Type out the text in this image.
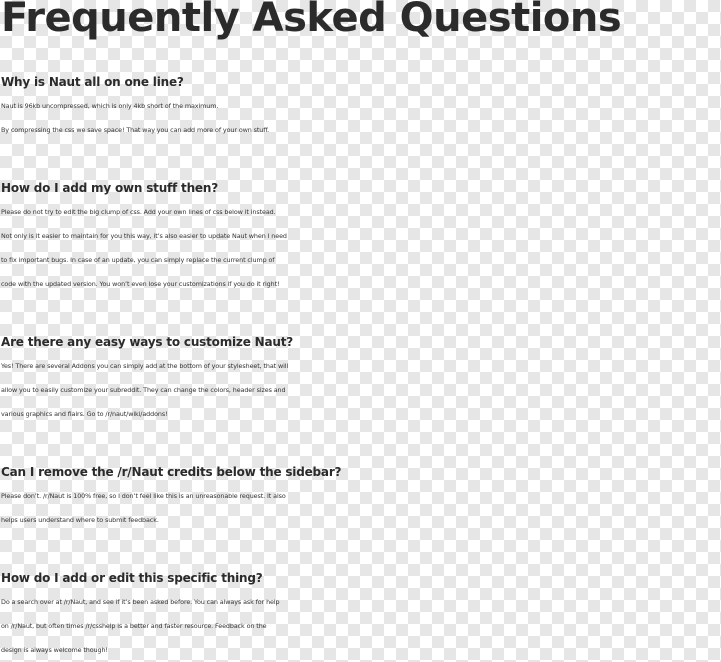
Frequently Asked Questions
Why is Naut all on one line?

Naut is 96kb uncompressed, which is only 4kb short of the maximum.

By compressing the css we save space! That way you can add more of your own stuff.

How do I add my own stuff then?

Please do not try to edit the big clump of css. Add your own lines of css below it instead.

Not only is it easier to maintain for you this way, it’s also easier to update Naut when I need

to fix important bugs. In case of an update, you can simply replace the current clump of

code with the updated version. You won’t even lose your customizations if you do it right!

Are there any easy ways to customize Naut?

Yes! There are several Addons you can simply add at the bottom of your stylesheet, that will

allow you to easily customize your subreddit. They can change the colors, header sizes and

various graphics and flairs. Go to /r/naut/wiki/addons!

Can I remove the /r/Naut credits below the sidebar?

Please don’t. /r/Naut is 100% free, so I don’t feel like this is an unreasonable request. It also

helps users understand where to submit feedback.

How do I add or edit this specific thing?

Do a search over at /r/Naut, and see if it’s been asked before. You can always ask for help

on /r/Naut, but often times /r/csshelp is a better and faster resource. Feedback on the

design is always welcome though!
